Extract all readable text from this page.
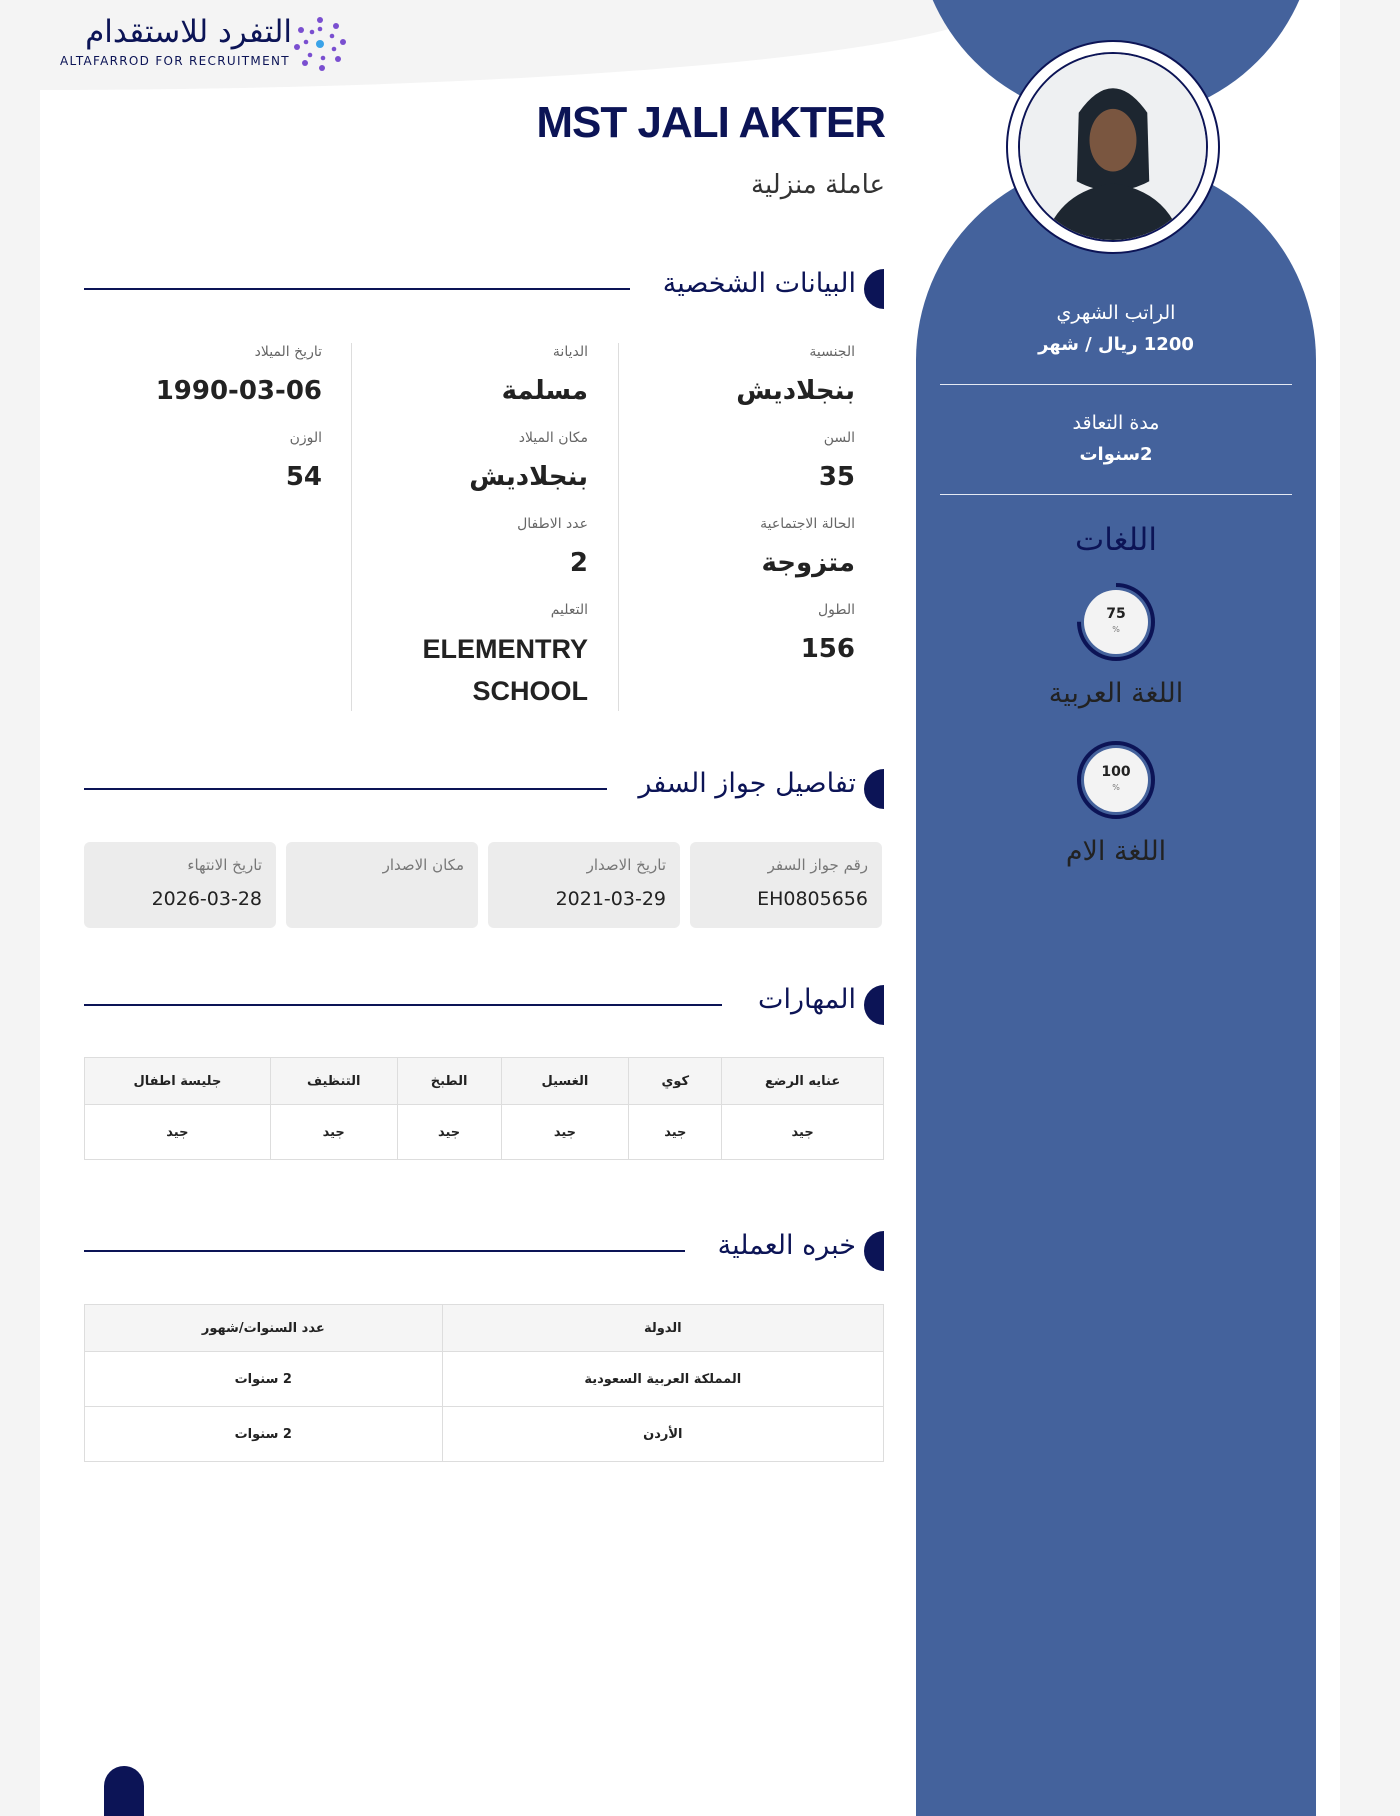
التفرد للاستقدام
ALTAFARROD FOR RECRUITMENT
MST JALI AKTER
عاملة منزلية
البيانات الشخصية
الجنسية
بنجلاديش
السن
35
الحالة الاجتماعية
متزوجة
الطول
156
الديانة
مسلمة
مكان الميلاد
بنجلاديش
عدد الاطفال
2
التعليم
ELEMENTRY SCHOOL
تاريخ الميلاد
1990-03-06
الوزن
54
تفاصيل جواز السفر
رقم جواز السفر
EH0805656
تاريخ الاصدار
2021-03-29
مكان الاصدار
تاريخ الانتهاء
2026-03-28
المهارات
عنايه الرضع	كوي	الغسيل	الطبخ	التنظيف	جليسة اطفال
جيد	جيد	جيد	جيد	جيد	جيد
خبره العملية
الدولة	عدد السنوات/شهور
المملكة العربية السعودية	2 سنوات
الأردن	2 سنوات
الراتب الشهري
1200 ريال / شهر
مدة التعاقد
2سنوات
اللغات
75
%
اللغة العربية
100
%
اللغة الام
